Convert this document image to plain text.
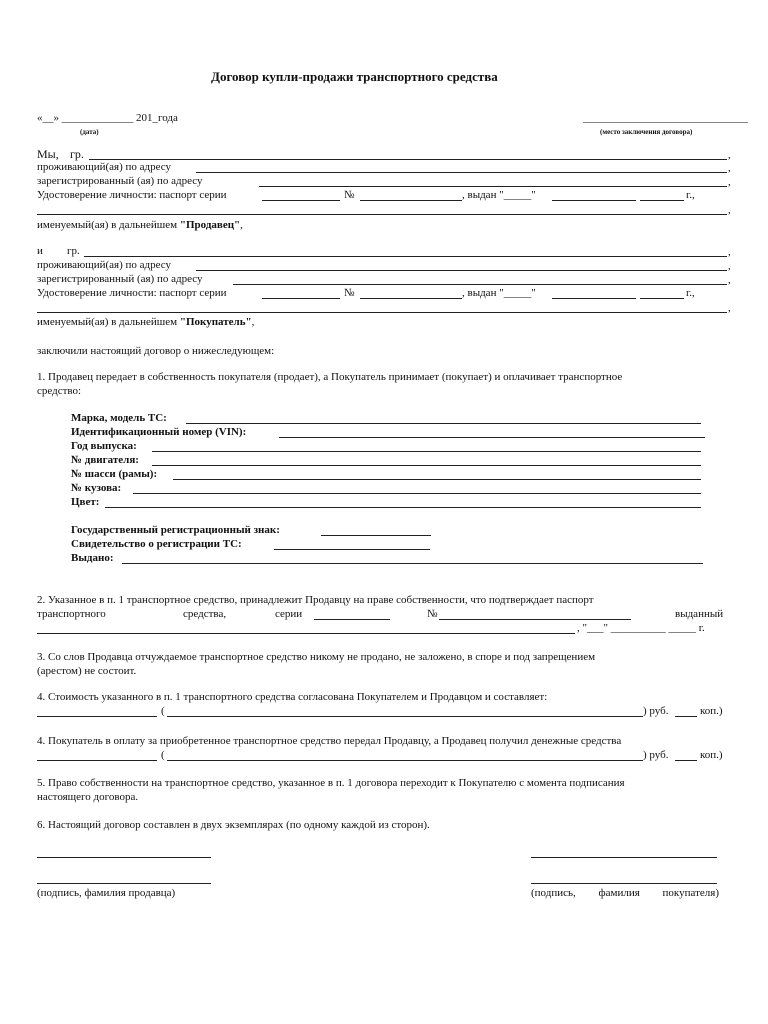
Договор купли-продажи транспортного средства
«__» _____________ 201_года
(дата)
______________________________
(место заключения договора)
Мы, гр.	,
проживающий(ая) по адресу	,
зарегистрированный (ая) по адресу	,
Удостоверение личности: паспорт серии	№	, выдан "_____"	г.,
,
именуемый(ая) в дальнейшем "Продавец",
и гр.	,
проживающий(ая) по адресу	,
зарегистрированный (ая) по адресу	,
Удостоверение личности: паспорт серии	№	, выдан "_____"	г.,
,
именуемый(ая) в дальнейшем "Покупатель",
заключили настоящий договор о нижеследующем:
1. Продавец передает в собственность покупателя (продает), а Покупатель принимает (покупает) и оплачивает транспортное
средство:
Марка, модель ТС:
Идентификационный номер (VIN):
Год выпуска:
№ двигателя:
№ шасси (рамы):
№ кузова:
Цвет:
Государственный регистрационный знак:
Свидетельство о регистрации ТС:
Выдано:
2. Указанное в п. 1 транспортное средство, принадлежит Продавцу на праве собственности, что подтверждает паспорт
транспортного	средства,	серии	№	выданный
, "___" __________ _____ г.
3. Со слов Продавца отчуждаемое транспортное средство никому не продано, не заложено, в споре и под запрещением
(арестом) не состоит.
4. Стоимость указанного в п. 1 транспортного средства согласована Покупателем и Продавцом и составляет:
(	) руб.	коп.)
4. Покупатель в оплату за приобретенное транспортное средство передал Продавцу, а Продавец получил денежные средства
(	) руб.	коп.)
5. Право собственности на транспортное средство, указанное в п. 1 договора переходит к Покупателю с момента подписания
настоящего договора.
6. Настоящий договор составлен в двух экземплярах (по одному каждой из сторон).
(подпись, фамилия продавца)	(подпись, фамилия покупателя)
